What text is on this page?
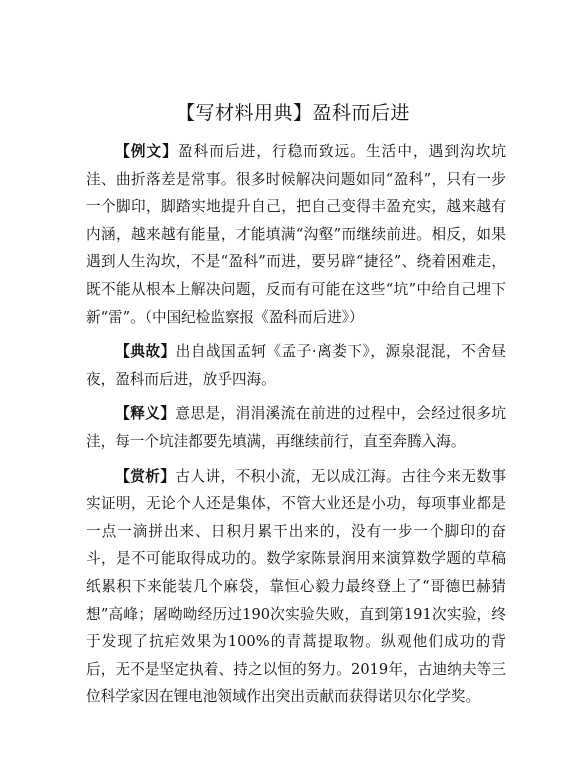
【写材料用典】盈科而后进

【例文】盈科而后进，行稳而致远。生活中，遇到沟坎坑洼、曲折落差是常事。很多时候解决问题如同“盈科”，只有一步一个脚印，脚踏实地提升自己，把自己变得丰盈充实，越来越有内涵，越来越有能量，才能填满“沟壑”而继续前进。相反，如果遇到人生沟坎，不是“盈科”而进，要另辟“捷径”、绕着困难走，既不能从根本上解决问题，反而有可能在这些“坑”中给自己埋下新“雷”。（中国纪检监察报《盈科而后进》）

【典故】出自战国孟轲《孟子·离娄下》，源泉混混，不舍昼夜，盈科而后进，放乎四海。

【释义】意思是，涓涓溪流在前进的过程中，会经过很多坑洼，每一个坑洼都要先填满，再继续前行，直至奔腾入海。

【赏析】古人讲，不积小流，无以成江海。古往今来无数事实证明，无论个人还是集体，不管大业还是小功，每项事业都是一点一滴拼出来、日积月累干出来的，没有一步一个脚印的奋斗，是不可能取得成功的。数学家陈景润用来演算数学题的草稿纸累积下来能装几个麻袋，靠恒心毅力最终登上了“哥德巴赫猜想”高峰；屠呦呦经历过190次实验失败，直到第191次实验，终于发现了抗疟效果为100%的青蒿提取物。纵观他们成功的背后，无不是坚定执着、持之以恒的努力。2019年，古迪纳夫等三位科学家因在锂电池领域作出突出贡献而获得诺贝尔化学奖。
